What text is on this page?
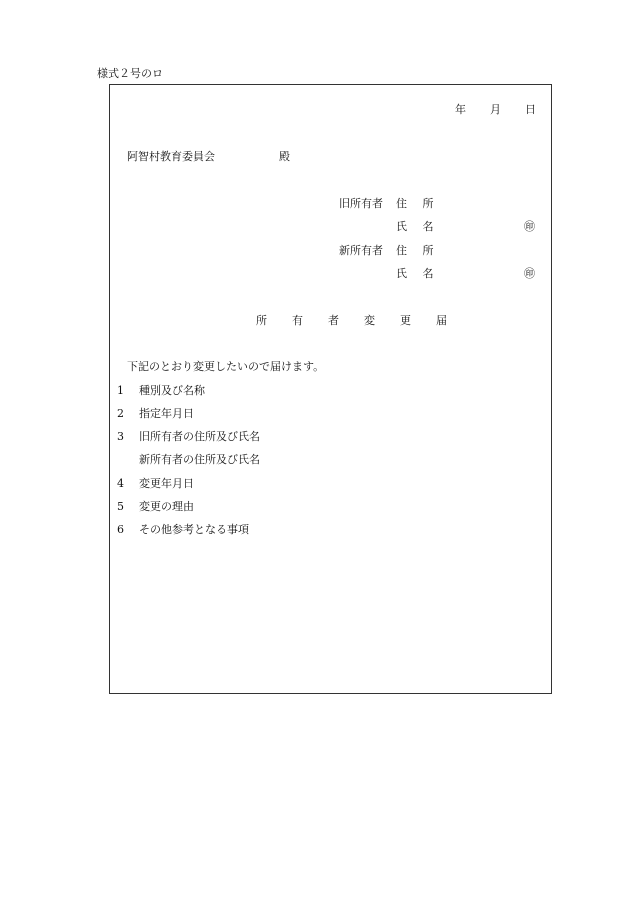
様式２号のロ
年 月 日
阿智村教育委員会	殿
旧所有者 住 所
氏 名	㊞
新所有者 住 所
氏 名	㊞
所有者変更届
下記のとおり変更したいので届けます。
1 種別及び名称
2 指定年月日
3 旧所有者の住所及び氏名
新所有者の住所及び氏名
4 変更年月日
5 変更の理由
6 その他参考となる事項
